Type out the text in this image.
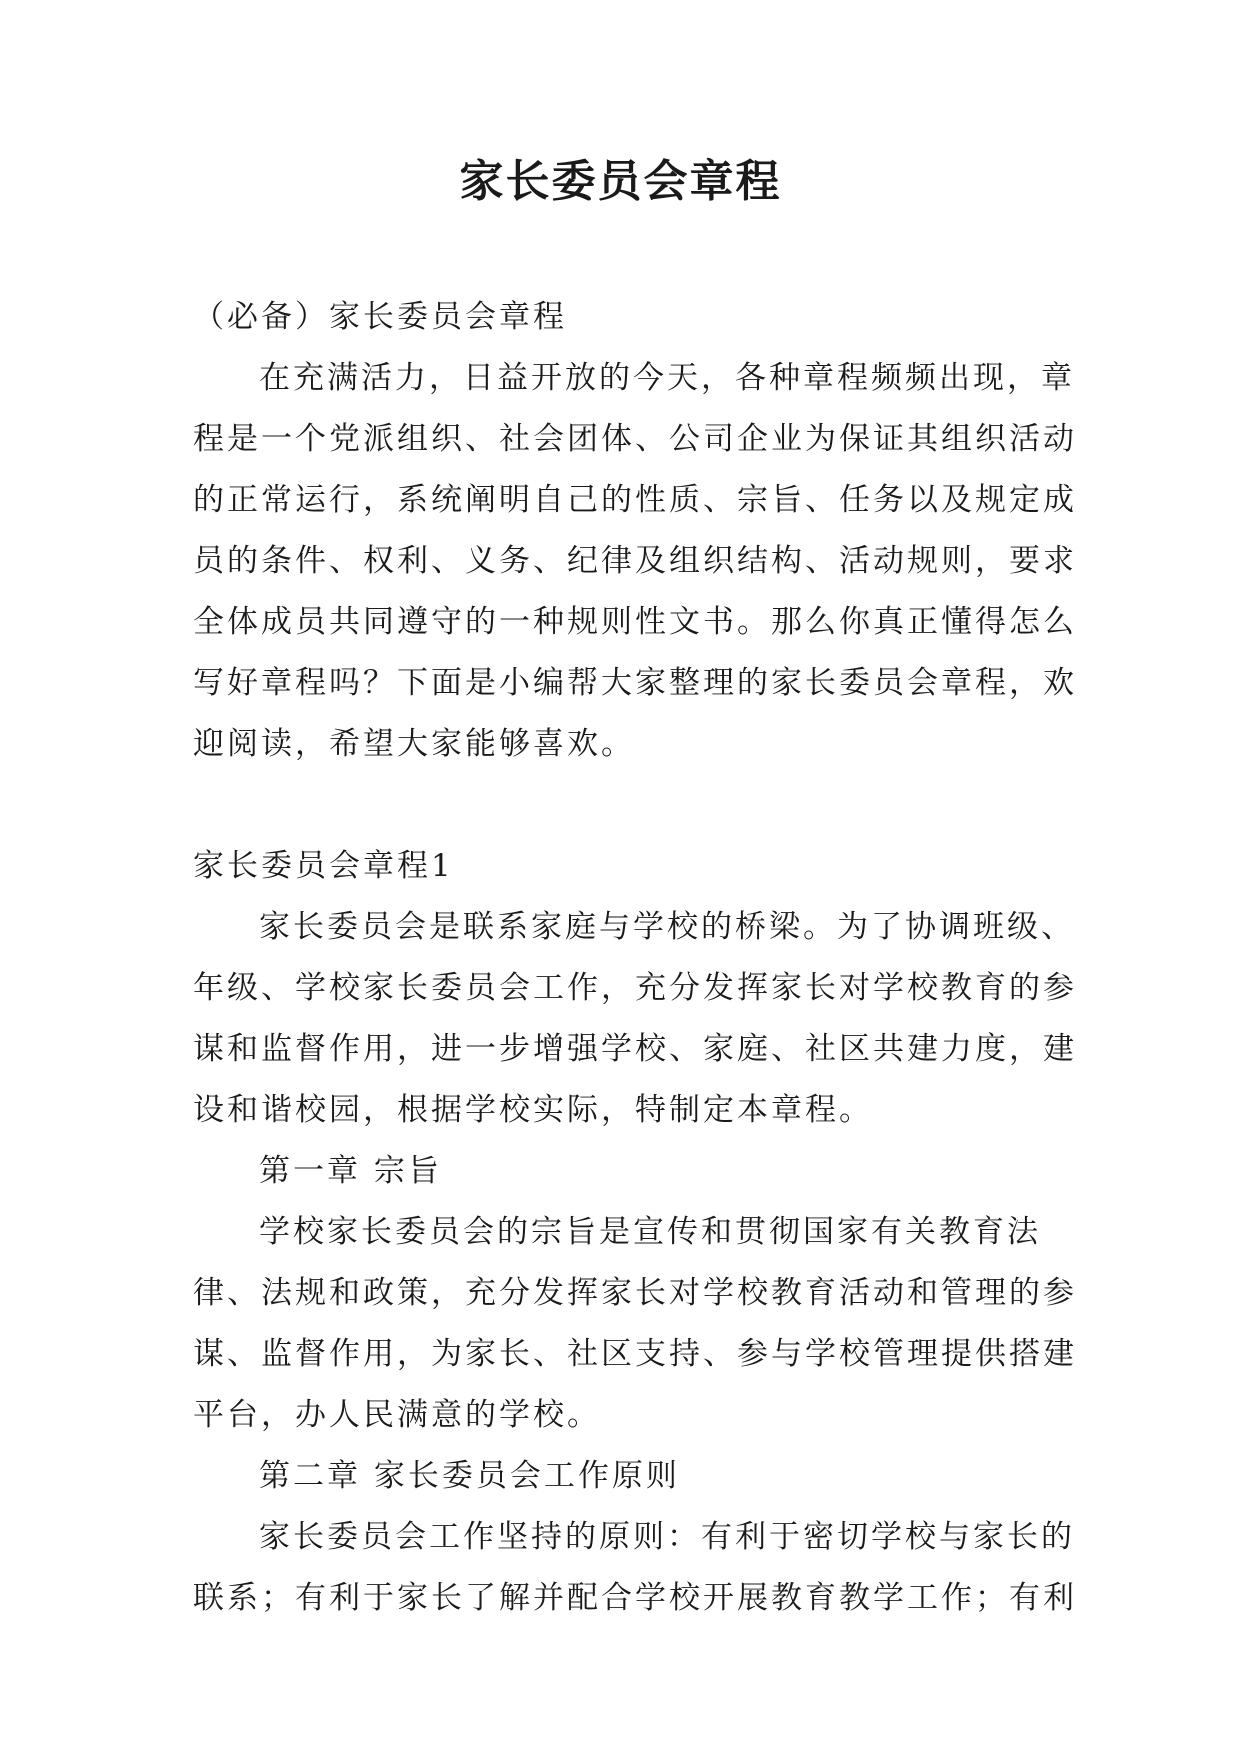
家长委员会章程
（必备）家长委员会章程
在充满活力，日益开放的今天，各种章程频频出现，章
程是一个党派组织、社会团体、公司企业为保证其组织活动
的正常运行，系统阐明自己的性质、宗旨、任务以及规定成
员的条件、权利、义务、纪律及组织结构、活动规则，要求
全体成员共同遵守的一种规则性文书。那么你真正懂得怎么
写好章程吗？下面是小编帮大家整理的家长委员会章程，欢
迎阅读，希望大家能够喜欢。
家长委员会章程1
家长委员会是联系家庭与学校的桥梁。为了协调班级、
年级、学校家长委员会工作，充分发挥家长对学校教育的参
谋和监督作用，进一步增强学校、家庭、社区共建力度，建
设和谐校园，根据学校实际，特制定本章程。
第一章 宗旨
学校家长委员会的宗旨是宣传和贯彻国家有关教育法
律、法规和政策，充分发挥家长对学校教育活动和管理的参
谋、监督作用，为家长、社区支持、参与学校管理提供搭建
平台，办人民满意的学校。
第二章 家长委员会工作原则
家长委员会工作坚持的原则：有利于密切学校与家长的
联系；有利于家长了解并配合学校开展教育教学工作；有利
